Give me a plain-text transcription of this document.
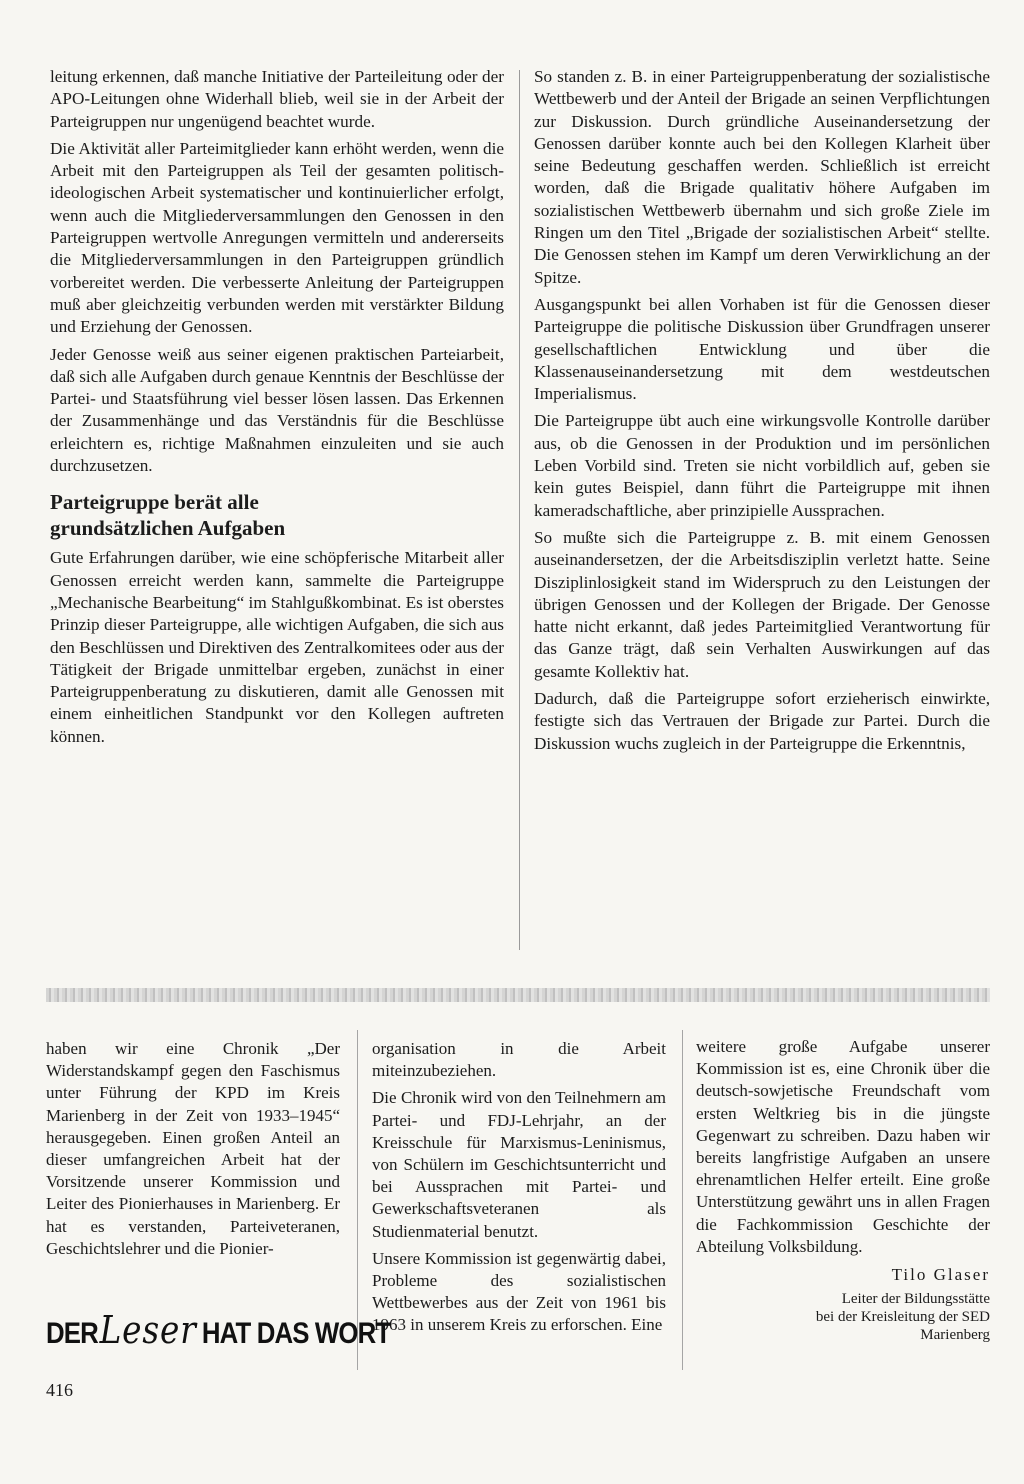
leitung erkennen, daß manche Initiative der Parteileitung oder der APO-Leitungen ohne Widerhall blieb, weil sie in der Arbeit der Parteigruppen nur ungenügend beachtet wurde.

Die Aktivität aller Parteimitglieder kann erhöht werden, wenn die Arbeit mit den Parteigruppen als Teil der gesamten politisch-ideologischen Arbeit systematischer und kontinuierlicher erfolgt, wenn auch die Mitgliederversammlungen den Genossen in den Parteigruppen wertvolle Anregungen vermitteln und andererseits die Mitgliederversammlungen in den Parteigruppen gründlich vorbereitet werden. Die verbesserte Anleitung der Parteigruppen muß aber gleichzeitig verbunden werden mit verstärkter Bildung und Erziehung der Genossen.

Jeder Genosse weiß aus seiner eigenen praktischen Parteiarbeit, daß sich alle Aufgaben durch genaue Kenntnis der Beschlüsse der Partei- und Staatsführung viel besser lösen lassen. Das Erkennen der Zusammenhänge und das Verständnis für die Beschlüsse erleichtern es, richtige Maßnahmen einzuleiten und sie auch durchzusetzen.

Parteigruppe berät alle
grundsätzlichen Aufgaben

Gute Erfahrungen darüber, wie eine schöpferische Mitarbeit aller Genossen erreicht werden kann, sammelte die Parteigruppe „Mechanische Bearbeitung“ im Stahlgußkombinat. Es ist oberstes Prinzip dieser Parteigruppe, alle wichtigen Aufgaben, die sich aus den Beschlüssen und Direktiven des Zentralkomitees oder aus der Tätigkeit der Brigade unmittelbar ergeben, zunächst in einer Parteigruppenberatung zu diskutieren, damit alle Genossen mit einem einheitlichen Standpunkt vor den Kollegen auftreten können.

So standen z. B. in einer Parteigruppenberatung der sozialistische Wettbewerb und der Anteil der Brigade an seinen Verpflichtungen zur Diskussion. Durch gründliche Auseinandersetzung der Genossen darüber konnte auch bei den Kollegen Klarheit über seine Bedeutung geschaffen werden. Schließlich ist erreicht worden, daß die Brigade qualitativ höhere Aufgaben im sozialistischen Wettbewerb übernahm und sich große Ziele im Ringen um den Titel „Brigade der sozialistischen Arbeit“ stellte. Die Genossen stehen im Kampf um deren Verwirklichung an der Spitze.

Ausgangspunkt bei allen Vorhaben ist für die Genossen dieser Parteigruppe die politische Diskussion über Grundfragen unserer gesellschaftlichen Entwicklung und über die Klassenauseinandersetzung mit dem westdeutschen Imperialismus.

Die Parteigruppe übt auch eine wirkungsvolle Kontrolle darüber aus, ob die Genossen in der Produktion und im persönlichen Leben Vorbild sind. Treten sie nicht vorbildlich auf, geben sie kein gutes Beispiel, dann führt die Parteigruppe mit ihnen kameradschaftliche, aber prinzipielle Aussprachen.

So mußte sich die Parteigruppe z. B. mit einem Genossen auseinandersetzen, der die Arbeitsdisziplin verletzt hatte. Seine Disziplinlosigkeit stand im Widerspruch zu den Leistungen der übrigen Genossen und der Kollegen der Brigade. Der Genosse hatte nicht erkannt, daß jedes Parteimitglied Verantwortung für das Ganze trägt, daß sein Verhalten Auswirkungen auf das gesamte Kollektiv hat.

Dadurch, daß die Parteigruppe sofort erzieherisch einwirkte, festigte sich das Vertrauen der Brigade zur Partei. Durch die Diskussion wuchs zugleich in der Parteigruppe die Erkenntnis,

haben wir eine Chronik „Der Widerstandskampf gegen den Faschismus unter Führung der KPD im Kreis Marienberg in der Zeit von 1933–1945“ herausgegeben. Einen großen Anteil an dieser umfangreichen Arbeit hat der Vorsitzende unserer Kommission und Leiter des Pionierhauses in Marienberg. Er hat es verstanden, Parteiveteranen, Geschichtslehrer und die Pionier-

organisation in die Arbeit miteinzubeziehen.

Die Chronik wird von den Teilnehmern am Partei- und FDJ-Lehrjahr, an der Kreisschule für Marxismus-Leninismus, von Schülern im Geschichtsunterricht und bei Aussprachen mit Partei- und Gewerkschaftsveteranen als Studienmaterial benutzt.

Unsere Kommission ist gegenwärtig dabei, Probleme des sozialistischen Wettbewerbes aus der Zeit von 1961 bis 1963 in unserem Kreis zu erforschen. Eine

weitere große Aufgabe unserer Kommission ist es, eine Chronik über die deutsch-sowjetische Freundschaft vom ersten Weltkrieg bis in die jüngste Gegenwart zu schreiben. Dazu haben wir bereits langfristige Aufgaben an unsere ehrenamtlichen Helfer erteilt. Eine große Unterstützung gewährt uns in allen Fragen die Fachkommission Geschichte der Abteilung Volksbildung.

Tilo Glaser
Leiter der Bildungsstätte
bei der Kreisleitung der SED
Marienberg
DERLeser HAT DAS WORT
416
